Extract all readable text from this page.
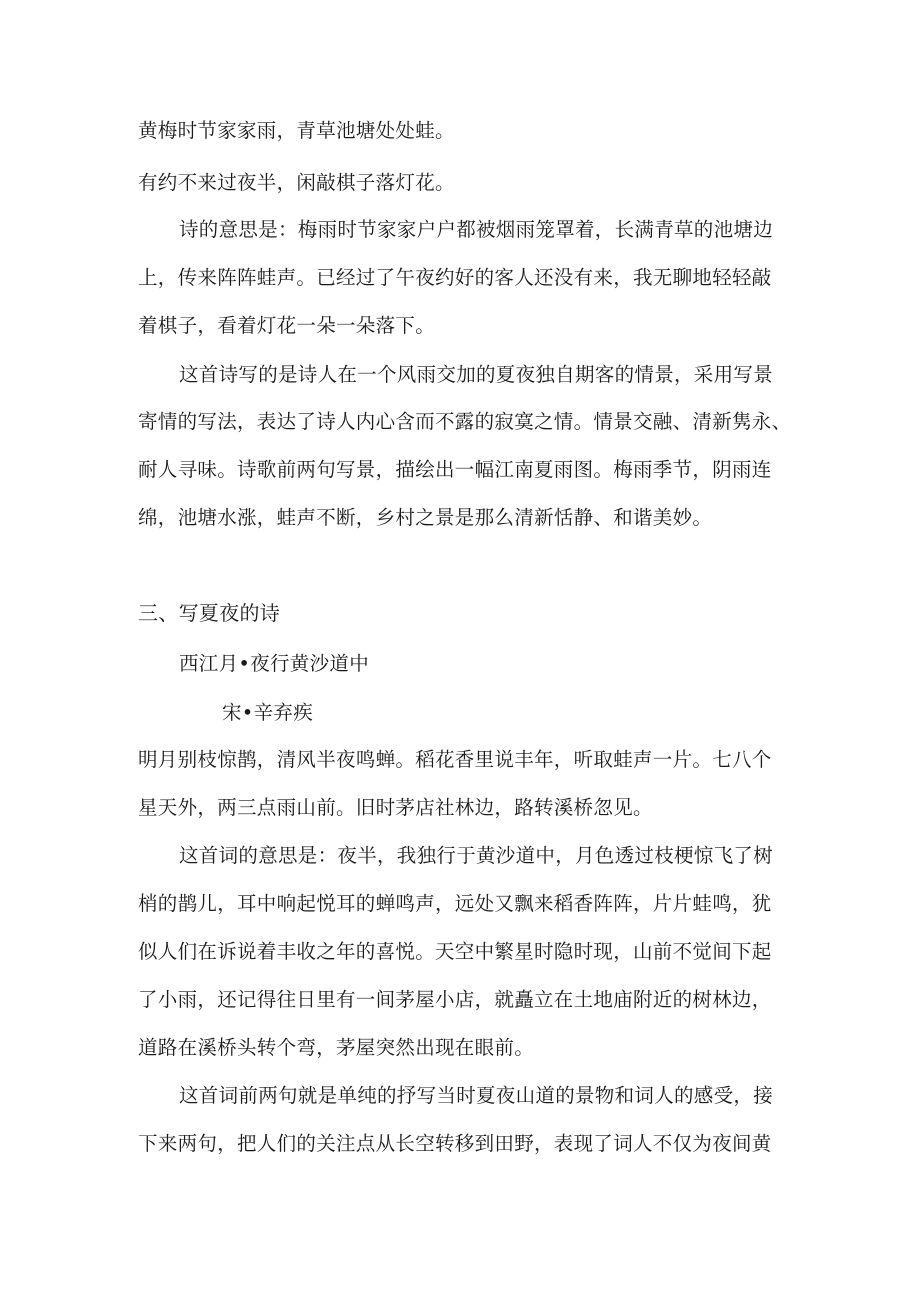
黄梅时节家家雨，青草池塘处处蛙。
有约不来过夜半，闲敲棋子落灯花。
诗的意思是：梅雨时节家家户户都被烟雨笼罩着，长满青草的池塘边
上，传来阵阵蛙声。已经过了午夜约好的客人还没有来，我无聊地轻轻敲
着棋子，看着灯花一朵一朵落下。
这首诗写的是诗人在一个风雨交加的夏夜独自期客的情景，采用写景
寄情的写法，表达了诗人内心含而不露的寂寞之情。情景交融、清新隽永、
耐人寻味。诗歌前两句写景，描绘出一幅江南夏雨图。梅雨季节，阴雨连
绵，池塘水涨，蛙声不断，乡村之景是那么清新恬静、和谐美妙。
三、写夏夜的诗
西江月•夜行黄沙道中
宋•辛弃疾
明月别枝惊鹊，清风半夜鸣蝉。稻花香里说丰年，听取蛙声一片。七八个
星天外，两三点雨山前。旧时茅店社林边，路转溪桥忽见。
这首词的意思是：夜半，我独行于黄沙道中，月色透过枝梗惊飞了树
梢的鹊儿，耳中响起悦耳的蝉鸣声，远处又飘来稻香阵阵，片片蛙鸣，犹
似人们在诉说着丰收之年的喜悦。天空中繁星时隐时现，山前不觉间下起
了小雨，还记得往日里有一间茅屋小店，就矗立在土地庙附近的树林边，
道路在溪桥头转个弯，茅屋突然出现在眼前。
这首词前两句就是单纯的抒写当时夏夜山道的景物和词人的感受，接
下来两句，把人们的关注点从长空转移到田野，表现了词人不仅为夜间黄
